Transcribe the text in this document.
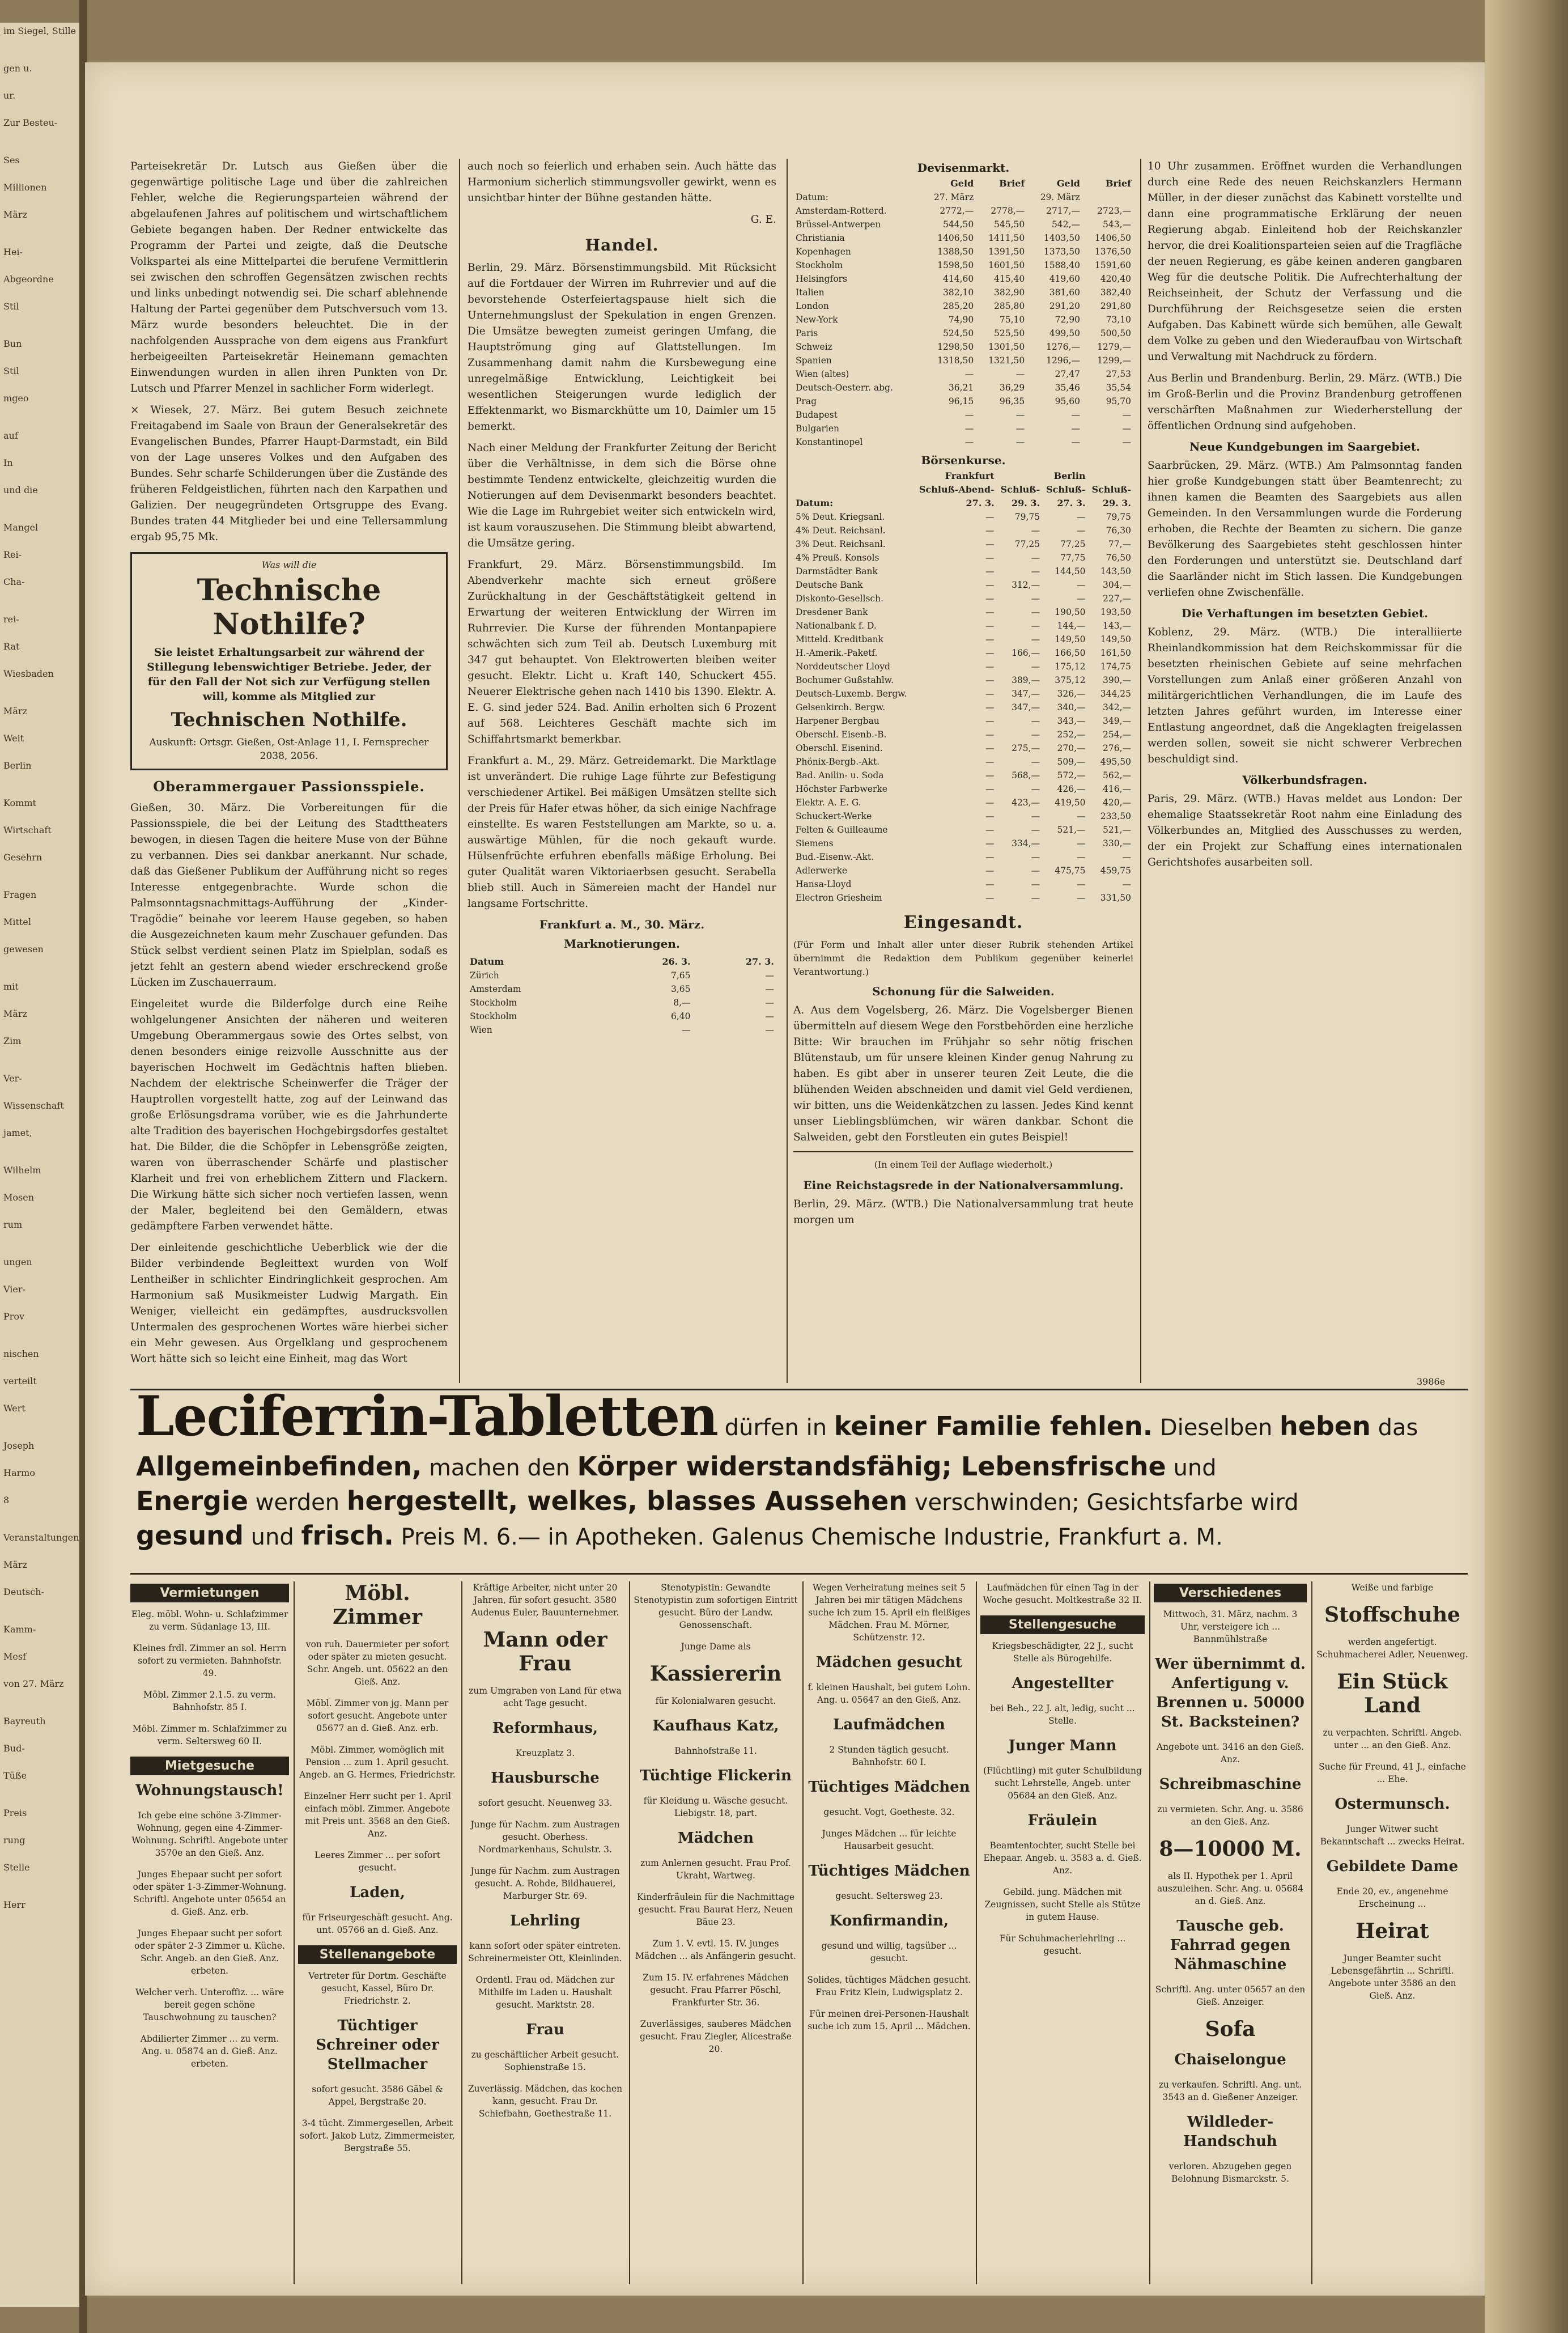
im Siegel, Stille
gen u.
ur.
Zur Besteu-
Ses
Millionen
März
Hei-
Abgeordne
Stil
Bun
Stil
mgeo
auf
In
und die
Mangel
Rei-
Cha-
rei-
Rat
Wiesbaden
März
Weit
Berlin
Kommt
Wirtschaft
Gesehrn
Fragen
Mittel
gewesen
mit
März
Zim
Ver-
Wissenschaft
jamet,
Wilhelm
Mosen
rum
ungen
Vier-
Prov
nischen
verteilt
Wert
Joseph
Harmo
8
Veranstaltungen
März
Deutsch-
Kamm-
Mesf
von 27. März
Bayreuth
Bud-
Tüße
Preis
rung
Stelle
Herr

Parteisekretär Dr. Lutsch aus Gießen über die gegenwärtige politische Lage und über die zahlreichen Fehler, welche die Regierungsparteien während der abgelaufenen Jahres auf politischem und wirtschaftlichem Gebiete begangen haben. Der Redner entwickelte das Programm der Partei und zeigte, daß die Deutsche Volkspartei als eine Mittelpartei die berufene Vermittlerin sei zwischen den schroffen Gegensätzen zwischen rechts und links unbedingt notwendig sei. Die scharf ablehnende Haltung der Partei gegenüber dem Putschversuch vom 13. März wurde besonders beleuchtet. Die in der nachfolgenden Aussprache von dem eigens aus Frankfurt herbeigeeilten Parteisekretär Heinemann gemachten Einwendungen wurden in allen ihren Punkten von Dr. Lutsch und Pfarrer Menzel in sachlicher Form widerlegt.

× Wiesek, 27. März. Bei gutem Besuch zeichnete Freitagabend im Saale von Braun der Generalsekretär des Evangelischen Bundes, Pfarrer Haupt-Darmstadt, ein Bild von der Lage unseres Volkes und den Aufgaben des Bundes. Sehr scharfe Schilderungen über die Zustände des früheren Feldgeistlichen, führten nach den Karpathen und Galizien. Der neugegründeten Ortsgruppe des Evang. Bundes traten 44 Mitglieder bei und eine Tellersammlung ergab 95,75 Mk.

Was will die
Technische Nothilfe?
Sie leistet Erhaltungsarbeit zur während der Stillegung lebenswichtiger Betriebe. Jeder, der für den Fall der Not sich zur Verfügung stellen will, komme als Mitglied zur
Technischen Nothilfe.
Auskunft: Ortsgr. Gießen, Ost-Anlage 11, I. Fernsprecher 2038, 2056.
Oberammergauer Passionsspiele.

Gießen, 30. März. Die Vorbereitungen für die Passionsspiele, die bei der Leitung des Stadttheaters bewogen, in diesen Tagen die heitere Muse von der Bühne zu verbannen. Dies sei dankbar anerkannt. Nur schade, daß das Gießener Publikum der Aufführung nicht so reges Interesse entgegenbrachte. Wurde schon die Palmsonntagsnachmittags-Aufführung der „Kinder-Tragödie“ beinahe vor leerem Hause gegeben, so haben die Ausgezeichneten kaum mehr Zuschauer gefunden. Das Stück selbst verdient seinen Platz im Spielplan, sodaß es jetzt fehlt an gestern abend wieder erschreckend große Lücken im Zuschauerraum.

Eingeleitet wurde die Bilderfolge durch eine Reihe wohlgelungener Ansichten der näheren und weiteren Umgebung Oberammergaus sowie des Ortes selbst, von denen besonders einige reizvolle Ausschnitte aus der bayerischen Hochwelt im Gedächtnis haften blieben. Nachdem der elektrische Scheinwerfer die Träger der Hauptrollen vorgestellt hatte, zog auf der Leinwand das große Erlösungsdrama vorüber, wie es die Jahrhunderte alte Tradition des bayerischen Hochgebirgsdorfes gestaltet hat. Die Bilder, die die Schöpfer in Lebensgröße zeigten, waren von überraschender Schärfe und plastischer Klarheit und frei von erheblichem Zittern und Flackern. Die Wirkung hätte sich sicher noch vertiefen lassen, wenn der Maler, begleitend bei den Gemäldern, etwas gedämpftere Farben verwendet hätte.

Der einleitende geschichtliche Ueberblick wie der die Bilder verbindende Begleittext wurden von Wolf Lentheißer in schlichter Eindringlichkeit gesprochen. Am Harmonium saß Musikmeister Ludwig Margath. Ein Weniger, vielleicht ein gedämpftes, ausdrucksvollen Untermalen des gesprochenen Wortes wäre hierbei sicher ein Mehr gewesen. Aus Orgelklang und gesprochenem Wort hätte sich so leicht eine Einheit, mag das Wort

auch noch so feierlich und erhaben sein. Auch hätte das Harmonium sicherlich stimmungsvoller gewirkt, wenn es unsichtbar hinter der Bühne gestanden hätte.

G. E.

Handel.

Berlin, 29. März. Börsenstimmungsbild. Mit Rücksicht auf die Fortdauer der Wirren im Ruhrrevier und auf die bevorstehende Osterfeiertagspause hielt sich die Unternehmungslust der Spekulation in engen Grenzen. Die Umsätze bewegten zumeist geringen Umfang, die Hauptströmung ging auf Glattstellungen. Im Zusammenhang damit nahm die Kursbewegung eine unregelmäßige Entwicklung, Leichtigkeit bei wesentlichen Steigerungen wurde lediglich der Effektenmarkt, wo Bismarckhütte um 10, Daimler um 15 bemerkt.

Nach einer Meldung der Frankfurter Zeitung der Bericht über die Verhältnisse, in dem sich die Börse ohne bestimmte Tendenz entwickelte, gleichzeitig wurden die Notierungen auf dem Devisenmarkt besonders beachtet. Wie die Lage im Ruhrgebiet weiter sich entwickeln wird, ist kaum vorauszusehen. Die Stimmung bleibt abwartend, die Umsätze gering.

Frankfurt, 29. März. Börsenstimmungsbild. Im Abendverkehr machte sich erneut größere Zurückhaltung in der Geschäftstätigkeit geltend in Erwartung der weiteren Entwicklung der Wirren im Ruhrrevier. Die Kurse der führenden Montanpapiere schwächten sich zum Teil ab. Deutsch Luxemburg mit 347 gut behauptet. Von Elektrowerten bleiben weiter gesucht. Elektr. Licht u. Kraft 140, Schuckert 455. Neuerer Elektrische gehen nach 1410 bis 1390. Elektr. A. E. G. sind jeder 524. Bad. Anilin erholten sich 6 Prozent auf 568. Leichteres Geschäft machte sich im Schiffahrtsmarkt bemerkbar.

Frankfurt a. M., 29. März. Getreidemarkt. Die Marktlage ist unverändert. Die ruhige Lage führte zur Befestigung verschiedener Artikel. Bei mäßigen Umsätzen stellte sich der Preis für Hafer etwas höher, da sich einige Nachfrage einstellte. Es waren Feststellungen am Markte, so u. a. auswärtige Mühlen, für die noch gekauft wurde. Hülsenfrüchte erfuhren ebenfalls mäßige Erholung. Bei guter Qualität waren Viktoriaerbsen gesucht. Serabella blieb still. Auch in Sämereien macht der Handel nur langsame Fortschritte.

Frankfurt a. M., 30. März.
Marknotierungen.
Datum	26. 3.	27. 3.
Zürich	7,65	—
Amsterdam	3,65	—
Stockholm	8,—	—
Stockholm	6,40	—
Wien	—	—
Devisenmarkt.
	Geld	Brief	Geld	Brief
Datum:	27. März		29. März	
Amsterdam-Rotterd.	2772,—	2778,—	2717,—	2723,—
Brüssel-Antwerpen	544,50	545,50	542,—	543,—
Christiania	1406,50	1411,50	1403,50	1406,50
Kopenhagen	1388,50	1391,50	1373,50	1376,50
Stockholm	1598,50	1601,50	1588,40	1591,60
Helsingfors	414,60	415,40	419,60	420,40
Italien	382,10	382,90	381,60	382,40
London	285,20	285,80	291,20	291,80
New-York	74,90	75,10	72,90	73,10
Paris	524,50	525,50	499,50	500,50
Schweiz	1298,50	1301,50	1276,—	1279,—
Spanien	1318,50	1321,50	1296,—	1299,—
Wien (altes)	—	—	27,47	27,53
Deutsch-Oesterr. abg.	36,21	36,29	35,46	35,54
Prag	96,15	96,35	95,60	95,70
Budapest	—	—	—	—
Bulgarien	—	—	—	—
Konstantinopel	—	—	—	—
Börsenkurse.
	Frankfurt		Berlin	
	Schluß-Abend-	Schluß-	Schluß-	Schluß-
Datum:	27. 3.	29. 3.	27. 3.	29. 3.
5% Deut. Kriegsanl.	—	79,75	—	79,75
4% Deut. Reichsanl.	—	—	—	76,30
3% Deut. Reichsanl.	—	77,25	77,25	77,—
4% Preuß. Konsols	—	—	77,75	76,50
Darmstädter Bank	—	—	144,50	143,50
Deutsche Bank	—	312,—	—	304,—
Diskonto-Gesellsch.	—	—	—	227,—
Dresdener Bank	—	—	190,50	193,50
Nationalbank f. D.	—	—	144,—	143,—
Mitteld. Kreditbank	—	—	149,50	149,50
H.-Amerik.-Paketf.	—	166,—	166,50	161,50
Norddeutscher Lloyd	—	—	175,12	174,75
Bochumer Gußstahlw.	—	389,—	375,12	390,—
Deutsch-Luxemb. Bergw.	—	347,—	326,—	344,25
Gelsenkirch. Bergw.	—	347,—	340,—	342,—
Harpener Bergbau	—	—	343,—	349,—
Oberschl. Eisenb.-B.	—	—	252,—	254,—
Oberschl. Eisenind.	—	275,—	270,—	276,—
Phönix-Bergb.-Akt.	—	—	509,—	495,50
Bad. Anilin- u. Soda	—	568,—	572,—	562,—
Höchster Farbwerke	—	—	426,—	416,—
Elektr. A. E. G.	—	423,—	419,50	420,—
Schuckert-Werke	—	—	—	233,50
Felten & Guilleaume	—	—	521,—	521,—
Siemens	—	334,—	—	330,—
Bud.-Eisenw.-Akt.	—	—	—	—
Adlerwerke	—	—	475,75	459,75
Hansa-Lloyd	—	—	—	—
Electron Griesheim	—	—	—	331,50
Eingesandt.

(Für Form und Inhalt aller unter dieser Rubrik stehenden Artikel übernimmt die Redaktion dem Publikum gegenüber keinerlei Verantwortung.)

Schonung für die Salweiden.

A. Aus dem Vogelsberg, 26. März. Die Vogelsberger Bienen übermitteln auf diesem Wege den Forstbehörden eine herzliche Bitte: Wir brauchen im Frühjahr so sehr nötig frischen Blütenstaub, um für unsere kleinen Kinder genug Nahrung zu haben. Es gibt aber in unserer teuren Zeit Leute, die die blühenden Weiden abschneiden und damit viel Geld verdienen, wir bitten, uns die Weidenkätzchen zu lassen. Jedes Kind kennt unser Lieblingsblümchen, wir wären dankbar. Schont die Salweiden, gebt den Forstleuten ein gutes Beispiel!

(In einem Teil der Auflage wiederholt.)

Eine Reichstagsrede in der Nationalversammlung.

Berlin, 29. März. (WTB.) Die Nationalversammlung trat heute morgen um

10 Uhr zusammen. Eröffnet wurden die Verhandlungen durch eine Rede des neuen Reichskanzlers Hermann Müller, in der dieser zunächst das Kabinett vorstellte und dann eine programmatische Erklärung der neuen Regierung abgab. Einleitend hob der Reichskanzler hervor, die drei Koalitionsparteien seien auf die Tragfläche der neuen Regierung, es gäbe keinen anderen gangbaren Weg für die deutsche Politik. Die Aufrechterhaltung der Reichseinheit, der Schutz der Verfassung und die Durchführung der Reichsgesetze seien die ersten Aufgaben. Das Kabinett würde sich bemühen, alle Gewalt dem Volke zu geben und den Wiederaufbau von Wirtschaft und Verwaltung mit Nachdruck zu fördern.

Aus Berlin und Brandenburg. Berlin, 29. März. (WTB.) Die im Groß-Berlin und die Provinz Brandenburg getroffenen verschärften Maßnahmen zur Wiederherstellung der öffentlichen Ordnung sind aufgehoben.

Neue Kundgebungen im Saargebiet.

Saarbrücken, 29. März. (WTB.) Am Palmsonntag fanden hier große Kundgebungen statt über Beamtenrecht; zu ihnen kamen die Beamten des Saargebiets aus allen Gemeinden. In den Versammlungen wurde die Forderung erhoben, die Rechte der Beamten zu sichern. Die ganze Bevölkerung des Saargebietes steht geschlossen hinter den Forderungen und unterstützt sie. Deutschland darf die Saarländer nicht im Stich lassen. Die Kundgebungen verliefen ohne Zwischenfälle.

Die Verhaftungen im besetzten Gebiet.

Koblenz, 29. März. (WTB.) Die interalliierte Rheinlandkommission hat dem Reichskommissar für die besetzten rheinischen Gebiete auf seine mehrfachen Vorstellungen zum Anlaß einer größeren Anzahl von militärgerichtlichen Verhandlungen, die im Laufe des letzten Jahres geführt wurden, im Interesse einer Entlastung angeordnet, daß die Angeklagten freigelassen werden sollen, soweit sie nicht schwerer Verbrechen beschuldigt sind.

Völkerbundsfragen.

Paris, 29. März. (WTB.) Havas meldet aus London: Der ehemalige Staatssekretär Root nahm eine Einladung des Völkerbundes an, Mitglied des Ausschusses zu werden, der ein Projekt zur Schaffung eines internationalen Gerichtshofes ausarbeiten soll.

3986e
Leciferrin-Tabletten dürfen in keiner Familie fehlen. Dieselben heben das
Allgemeinbefinden, machen den Körper widerstandsfähig; Lebensfrische und
Energie werden hergestellt, welkes, blasses Aussehen verschwinden; Gesichtsfarbe wird
gesund und frisch. Preis M. 6.— in Apotheken. Galenus Chemische Industrie, Frankfurt a. M.
Vermietungen
Eleg. möbl. Wohn- u. Schlafzimmer zu verm. Südanlage 13, III.
Kleines frdl. Zimmer an sol. Herrn sofort zu vermieten. Bahnhofstr. 49.
Möbl. Zimmer 2.1.5. zu verm. Bahnhofstr. 85 I.
Möbl. Zimmer m. Schlafzimmer zu verm. Seltersweg 60 II.
Mietgesuche
Wohnungstausch!
Ich gebe eine schöne 3-Zimmer-Wohnung, gegen eine 4-Zimmer-Wohnung. Schriftl. Angebote unter 3570e an den Gieß. Anz.
Junges Ehepaar sucht per sofort oder später 1-3-Zimmer-Wohnung. Schriftl. Angebote unter 05654 an d. Gieß. Anz. erb.
Junges Ehepaar sucht per sofort oder später 2-3 Zimmer u. Küche. Schr. Angeb. an den Gieß. Anz. erbeten.
Welcher verh. Unteroffiz. ... wäre bereit gegen schöne Tauschwohnung zu tauschen?
Abdilierter Zimmer ... zu verm. Ang. u. 05874 an d. Gieß. Anz. erbeten.
Möbl. Zimmer
von ruh. Dauermieter per sofort oder später zu mieten gesucht. Schr. Angeb. unt. 05622 an den Gieß. Anz.
Möbl. Zimmer von jg. Mann per sofort gesucht. Angebote unter 05677 an d. Gieß. Anz. erb.
Möbl. Zimmer, womöglich mit Pension ... zum 1. April gesucht. Angeb. an G. Hermes, Friedrichstr.
Einzelner Herr sucht per 1. April einfach möbl. Zimmer. Angebote mit Preis unt. 3568 an den Gieß. Anz.
Leeres Zimmer ... per sofort gesucht.
Laden,
für Friseurgeschäft gesucht. Ang. unt. 05766 an d. Gieß. Anz.
Stellenangebote
Vertreter für Dortm. Geschäfte gesucht, Kassel, Büro Dr. Friedrichstr. 2.
Tüchtiger Schreiner oder Stellmacher
sofort gesucht. 3586 Gäbel & Appel, Bergstraße 20.
3-4 tücht. Zimmergesellen, Arbeit sofort. Jakob Lutz, Zimmermeister, Bergstraße 55.
Kräftige Arbeiter, nicht unter 20 Jahren, für sofort gesucht. 3580 Audenus Euler, Bauunternehmer.
Mann oder Frau
zum Umgraben von Land für etwa acht Tage gesucht.
Reformhaus,
Kreuzplatz 3.
Hausbursche
sofort gesucht. Neuenweg 33.
Junge für Nachm. zum Austragen gesucht. Oberhess. Nordmarkenhaus, Schulstr. 3.
Junge für Nachm. zum Austragen gesucht. A. Rohde, Bildhauerei, Marburger Str. 69.
Lehrling
kann sofort oder später eintreten. Schreinermeister Ott, Kleinlinden.
Ordentl. Frau od. Mädchen zur Mithilfe im Laden u. Haushalt gesucht. Marktstr. 28.
Frau
zu geschäftlicher Arbeit gesucht. Sophienstraße 15.
Zuverlässig. Mädchen, das kochen kann, gesucht. Frau Dr. Schiefbahn, Goethestraße 11.
Stenotypistin: Gewandte Stenotypistin zum sofortigen Eintritt gesucht. Büro der Landw. Genossenschaft.
Junge Dame als
Kassiererin
für Kolonialwaren gesucht.
Kaufhaus Katz,
Bahnhofstraße 11.
Tüchtige Flickerin
für Kleidung u. Wäsche gesucht. Liebigstr. 18, part.
Mädchen
zum Anlernen gesucht. Frau Prof. Ukraht, Wartweg.
Kinderfräulein für die Nachmittage gesucht. Frau Baurat Herz, Neuen Bäue 23.
Zum 1. V. evtl. 15. IV. junges Mädchen ... als Anfängerin gesucht.
Zum 15. IV. erfahrenes Mädchen gesucht. Frau Pfarrer Pöschl, Frankfurter Str. 36.
Zuverlässiges, sauberes Mädchen gesucht. Frau Ziegler, Alicestraße 20.
Wegen Verheiratung meines seit 5 Jahren bei mir tätigen Mädchens suche ich zum 15. April ein fleißiges Mädchen. Frau M. Mörner, Schützenstr. 12.
Mädchen gesucht
f. kleinen Haushalt, bei gutem Lohn. Ang. u. 05647 an den Gieß. Anz.
Laufmädchen
2 Stunden täglich gesucht. Bahnhofstr. 60 I.
Tüchtiges Mädchen
gesucht. Vogt, Goetheste. 32.
Junges Mädchen ... für leichte Hausarbeit gesucht.
Tüchtiges Mädchen
gesucht. Seltersweg 23.
Konfirmandin,
gesund und willig, tagsüber ... gesucht.
Solides, tüchtiges Mädchen gesucht. Frau Fritz Klein, Ludwigsplatz 2.
Für meinen drei-Personen-Haushalt suche ich zum 15. April ... Mädchen.
Laufmädchen für einen Tag in der Woche gesucht. Moltkestraße 32 II.
Stellengesuche
Kriegsbeschädigter, 22 J., sucht Stelle als Bürogehilfe.
Angestellter
bei Beh., 22 J. alt, ledig, sucht ... Stelle.
Junger Mann
(Flüchtling) mit guter Schulbildung sucht Lehrstelle, Angeb. unter 05684 an den Gieß. Anz.
Fräulein
Beamtentochter, sucht Stelle bei Ehepaar. Angeb. u. 3583 a. d. Gieß. Anz.
Gebild. jung. Mädchen mit Zeugnissen, sucht Stelle als Stütze in gutem Hause.
Für Schuhmacherlehrling ... gesucht.
Verschiedenes
Mittwoch, 31. März, nachm. 3 Uhr, versteigere ich ... Bannmühlstraße
Wer übernimmt d. Anfertigung v. Brennen u. 50000 St. Backsteinen?
Angebote unt. 3416 an den Gieß. Anz.
Schreibmaschine
zu vermieten. Schr. Ang. u. 3586 an den Gieß. Anz.
8—10000 M.
als II. Hypothek per 1. April auszuleihen. Schr. Ang. u. 05684 an d. Gieß. Anz.
Tausche geb. Fahrrad gegen Nähmaschine
Schriftl. Ang. unter 05657 an den Gieß. Anzeiger.
Sofa
Chaiselongue
zu verkaufen. Schriftl. Ang. unt. 3543 an d. Gießener Anzeiger.
Wildleder-Handschuh
verloren. Abzugeben gegen Belohnung Bismarckstr. 5.
Weiße und farbige
Stoffschuhe
werden angefertigt. Schuhmacherei Adler, Neuenweg.
Ein Stück Land
zu verpachten. Schriftl. Angeb. unter ... an den Gieß. Anz.
Suche für Freund, 41 J., einfache ... Ehe.
Ostermunsch.
Junger Witwer sucht Bekanntschaft ... zwecks Heirat.
Gebildete Dame
Ende 20, ev., angenehme Erscheinung ...
Heirat
Junger Beamter sucht Lebensgefährtin ... Schriftl. Angebote unter 3586 an den Gieß. Anz.
